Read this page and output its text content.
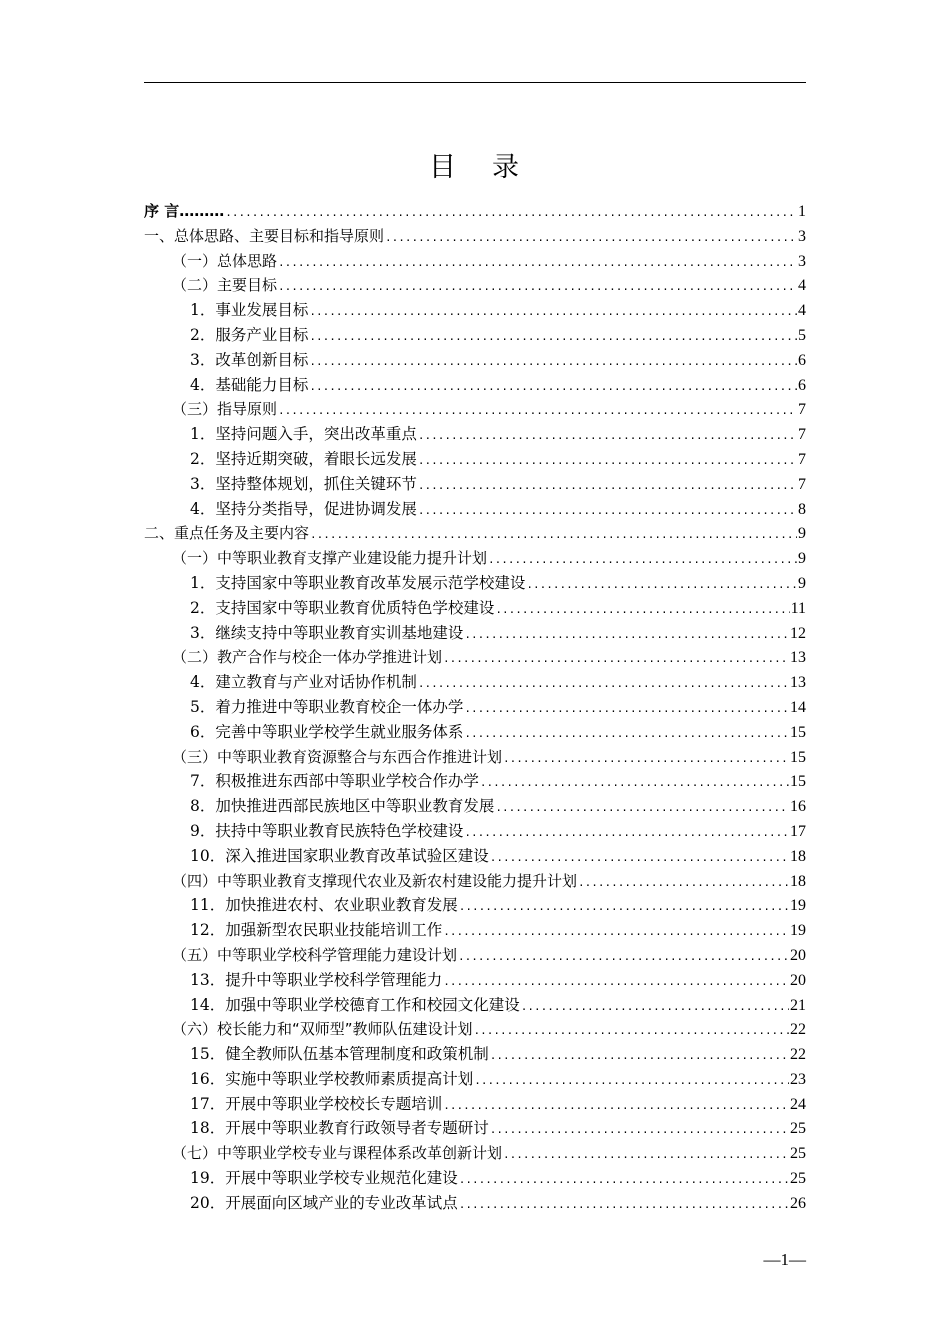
目 录
序 言……… .....	1
一、总体思路、主要目标和指导原则 .....	3
（一）总体思路 .....	3
（二）主要目标 .....	4
1．事业发展目标 .....	4
2．服务产业目标 .....	5
3．改革创新目标 .....	6
4．基础能力目标 .....	6
（三）指导原则 .....	7
1．坚持问题入手，突出改革重点 .....	7
2．坚持近期突破，着眼长远发展 .....	7
3．坚持整体规划，抓住关键环节 .....	7
4．坚持分类指导，促进协调发展 .....	8
二、重点任务及主要内容 .....	9
（一）中等职业教育支撑产业建设能力提升计划 .....	9
1．支持国家中等职业教育改革发展示范学校建设 .....	9
2．支持国家中等职业教育优质特色学校建设 .....	11
3．继续支持中等职业教育实训基地建设 .....	12
（二）教产合作与校企一体办学推进计划 .....	13
4．建立教育与产业对话协作机制 .....	13
5．着力推进中等职业教育校企一体办学 .....	14
6．完善中等职业学校学生就业服务体系 .....	15
（三）中等职业教育资源整合与东西合作推进计划 .....	15
7．积极推进东西部中等职业学校合作办学 .....	15
8．加快推进西部民族地区中等职业教育发展 .....	16
9．扶持中等职业教育民族特色学校建设 .....	17
10．深入推进国家职业教育改革试验区建设 .....	18
（四）中等职业教育支撑现代农业及新农村建设能力提升计划 .....	18
11．加快推进农村、农业职业教育发展 .....	19
12．加强新型农民职业技能培训工作 .....	19
（五）中等职业学校科学管理能力建设计划 .....	20
13．提升中等职业学校科学管理能力 .....	20
14．加强中等职业学校德育工作和校园文化建设 .....	21
（六）校长能力和“双师型”教师队伍建设计划 .....	22
15．健全教师队伍基本管理制度和政策机制 .....	22
16．实施中等职业学校教师素质提高计划 .....	23
17．开展中等职业学校校长专题培训 .....	24
18．开展中等职业教育行政领导者专题研讨 .....	25
（七）中等职业学校专业与课程体系改革创新计划 .....	25
19．开展中等职业学校专业规范化建设 .....	25
20．开展面向区域产业的专业改革试点 .....	26
—1—
